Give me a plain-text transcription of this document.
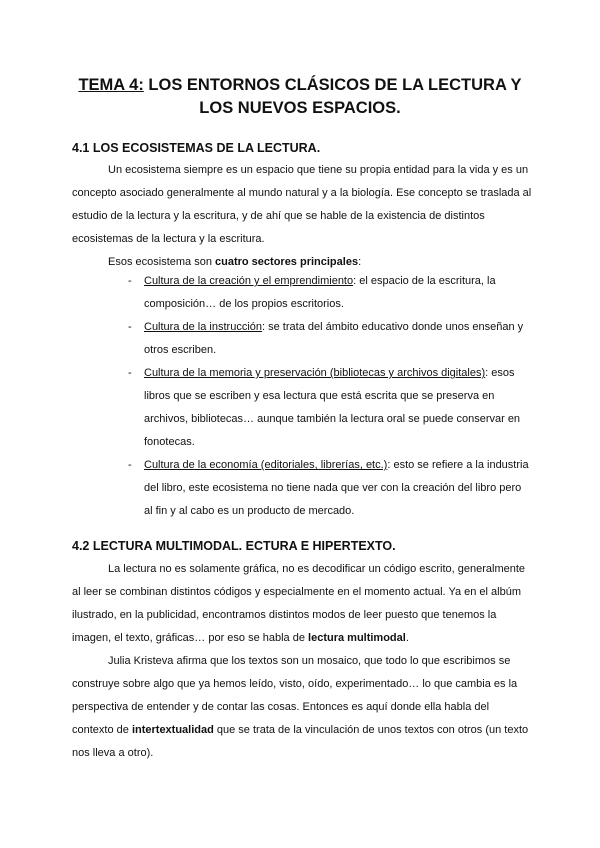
TEMA 4: LOS ENTORNOS CLÁSICOS DE LA LECTURA Y LOS NUEVOS ESPACIOS.
4.1 LOS ECOSISTEMAS DE LA LECTURA.

Un ecosistema siempre es un espacio que tiene su propia entidad para la vida y es un concepto asociado generalmente al mundo natural y a la biología. Ese concepto se traslada al estudio de la lectura y la escritura, y de ahí que se hable de la existencia de distintos ecosistemas de la lectura y la escritura.

Esos ecosistema son cuatro sectores principales:

- Cultura de la creación y el emprendimiento: el espacio de la escritura, la composición… de los propios escritorios.
- Cultura de la instrucción: se trata del ámbito educativo donde unos enseñan y otros escriben.
- Cultura de la memoria y preservación (bibliotecas y archivos digitales): esos libros que se escriben y esa lectura que está escrita que se preserva en archivos, bibliotecas… aunque también la lectura oral se puede conservar en fonotecas.
- Cultura de la economía (editoriales, librerías, etc.): esto se refiere a la industria del libro, este ecosistema no tiene nada que ver con la creación del libro pero al fin y al cabo es un producto de mercado.
4.2 LECTURA MULTIMODAL. ECTURA E HIPERTEXTO.

La lectura no es solamente gráfica, no es decodificar un código escrito, generalmente al leer se combinan distintos códigos y especialmente en el momento actual. Ya en el albúm ilustrado, en la publicidad, encontramos distintos modos de leer puesto que tenemos la imagen, el texto, gráficas… por eso se habla de lectura multimodal.

Julia Kristeva afirma que los textos son un mosaico, que todo lo que escribimos se construye sobre algo que ya hemos leído, visto, oído, experimentado… lo que cambia es la perspectiva de entender y de contar las cosas. Entonces es aquí donde ella habla del contexto de intertextualidad que se trata de la vinculación de unos textos con otros (un texto nos lleva a otro).
